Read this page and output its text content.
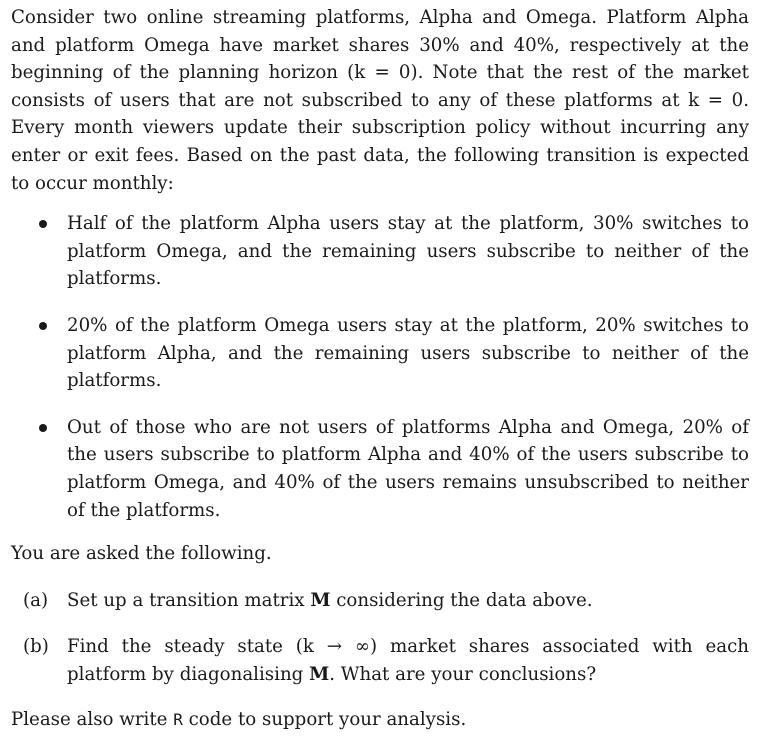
Consider two online streaming platforms, Alpha and Omega. Platform Alpha and platform Omega have market shares 30% and 40%, respectively at the beginning of the planning horizon (k = 0). Note that the rest of the market consists of users that are not subscribed to any of these platforms at k = 0. Every month viewers update their subscription policy without incurring any enter or exit fees. Based on the past data, the following transition is expected to occur monthly:

Half of the platform Alpha users stay at the platform, 30% switches to platform Omega, and the remaining users subscribe to neither of the platforms.
20% of the platform Omega users stay at the platform, 20% switches to platform Alpha, and the remaining users subscribe to neither of the platforms.
Out of those who are not users of platforms Alpha and Omega, 20% of the users subscribe to platform Alpha and 40% of the users subscribe to platform Omega, and 40% of the users remains unsubscribed to neither of the platforms.

You are asked the following.

(a) Set up a transition matrix M considering the data above.
(b) Find the steady state (k → ∞) market shares associated with each platform by diagonalising M. What are your conclusions?

Please also write R code to support your analysis.
